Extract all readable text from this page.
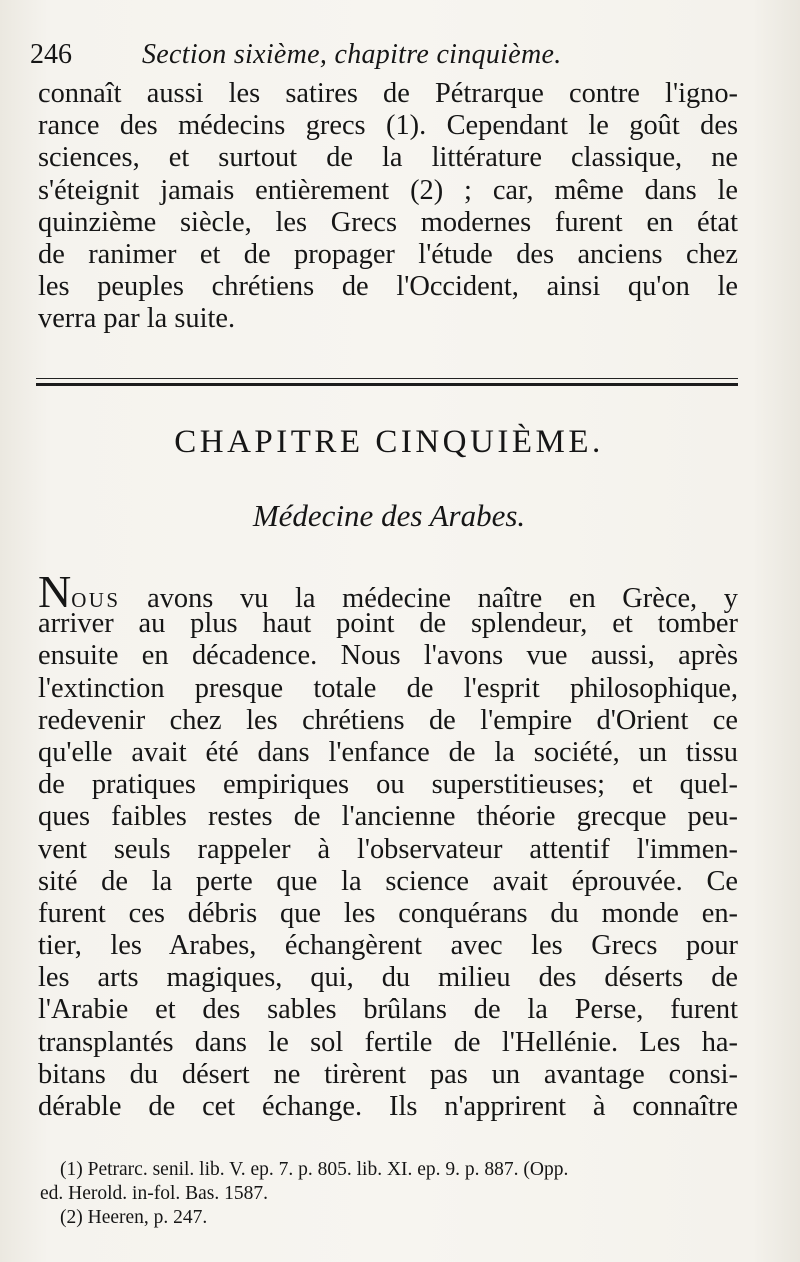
246	Section sixième, chapitre cinquième.
connaît aussi les satires de Pétrarque contre l'igno-
rance des médecins grecs (1). Cependant le goût des
sciences, et surtout de la littérature classique, ne
s'éteignit jamais entièrement (2) ; car, même dans le
quinzième siècle, les Grecs modernes furent en état
de ranimer et de propager l'étude des anciens chez
les peuples chrétiens de l'Occident, ainsi qu'on le
verra par la suite.
CHAPITRE CINQUIÈME.
Médecine des Arabes.
NOUS avons vu la médecine naître en Grèce, y
arriver au plus haut point de splendeur, et tomber
ensuite en décadence. Nous l'avons vue aussi, après
l'extinction presque totale de l'esprit philosophique,
redevenir chez les chrétiens de l'empire d'Orient ce
qu'elle avait été dans l'enfance de la société, un tissu
de pratiques empiriques ou superstitieuses; et quel-
ques faibles restes de l'ancienne théorie grecque peu-
vent seuls rappeler à l'observateur attentif l'immen-
sité de la perte que la science avait éprouvée. Ce
furent ces débris que les conquérans du monde en-
tier, les Arabes, échangèrent avec les Grecs pour
les arts magiques, qui, du milieu des déserts de
l'Arabie et des sables brûlans de la Perse, furent
transplantés dans le sol fertile de l'Hellénie. Les ha-
bitans du désert ne tirèrent pas un avantage consi-
dérable de cet échange. Ils n'apprirent à connaître
(1) Petrarc. senil. lib. V. ep. 7. p. 805. lib. XI. ep. 9. p. 887. (Opp.
ed. Herold. in-fol. Bas. 1587.
(2) Heeren, p. 247.
